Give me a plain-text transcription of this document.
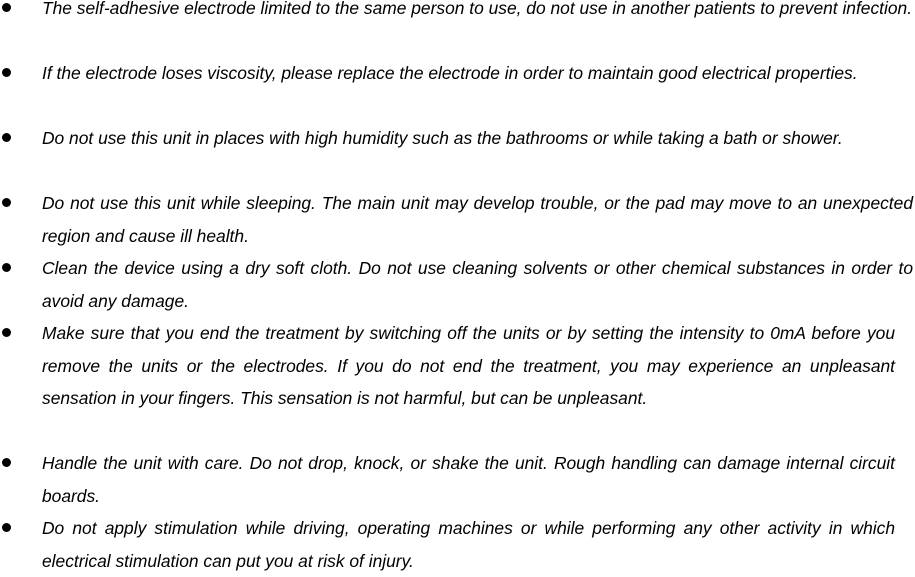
The self-adhesive electrode limited to the same person to use, do not use in another patients to prevent infection.

If the electrode loses viscosity, please replace the electrode in order to maintain good electrical properties.

Do not use this unit in places with high humidity such as the bathrooms or while taking a bath or shower.

Do not use this unit while sleeping. The main unit may develop trouble, or the pad may move to an unexpected region and cause ill health.

Clean the device using a dry soft cloth. Do not use cleaning solvents or other chemical substances in order to avoid any damage.

Make sure that you end the treatment by switching off the units or by setting the intensity to 0mA before you remove the units or the electrodes. If you do not end the treatment, you may experience an unpleasant sensation in your fingers. This sensation is not harmful, but can be unpleasant.

Handle the unit with care. Do not drop, knock, or shake the unit. Rough handling can damage internal circuit boards.

Do not apply stimulation while driving, operating machines or while performing any other activity in which electrical stimulation can put you at risk of injury.
